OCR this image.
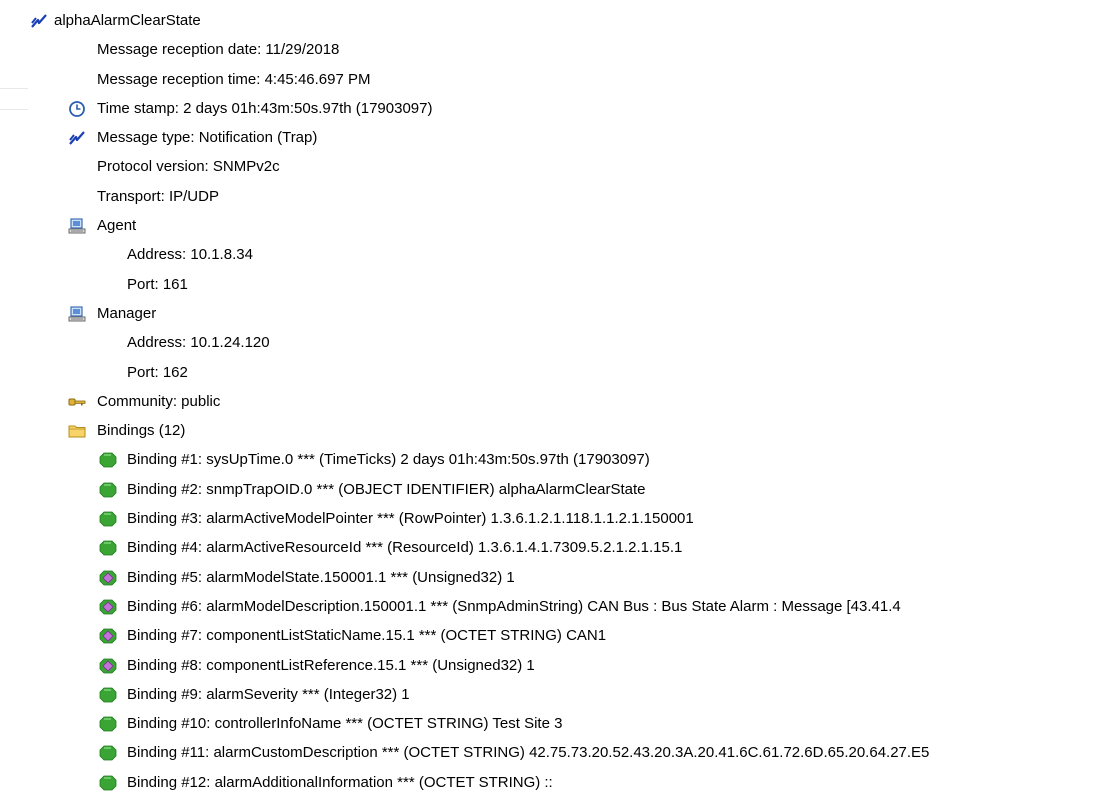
alphaAlarmClearState
Message reception date: 11/29/2018
Message reception time: 4:45:46.697 PM
Time stamp: 2 days 01h:43m:50s.97th (17903097)
Message type: Notification (Trap)
Protocol version: SNMPv2c
Transport: IP/UDP
Agent
Address: 10.1.8.34
Port: 161
Manager
Address: 10.1.24.120
Port: 162
Community: public
Bindings (12)
Binding #1: sysUpTime.0 *** (TimeTicks) 2 days 01h:43m:50s.97th (17903097)
Binding #2: snmpTrapOID.0 *** (OBJECT IDENTIFIER) alphaAlarmClearState
Binding #3: alarmActiveModelPointer *** (RowPointer) 1.3.6.1.2.1.118.1.1.2.1.150001
Binding #4: alarmActiveResourceId *** (ResourceId) 1.3.6.1.4.1.7309.5.2.1.2.1.15.1
Binding #5: alarmModelState.150001.1 *** (Unsigned32) 1
Binding #6: alarmModelDescription.150001.1 *** (SnmpAdminString) CAN Bus : Bus State Alarm : Message [43.41.4
Binding #7: componentListStaticName.15.1 *** (OCTET STRING) CAN1
Binding #8: componentListReference.15.1 *** (Unsigned32) 1
Binding #9: alarmSeverity *** (Integer32) 1
Binding #10: controllerInfoName *** (OCTET STRING) Test Site 3
Binding #11: alarmCustomDescription *** (OCTET STRING) 42.75.73.20.52.43.20.3A.20.41.6C.61.72.6D.65.20.64.27.E5
Binding #12: alarmAdditionalInformation *** (OCTET STRING) ::
